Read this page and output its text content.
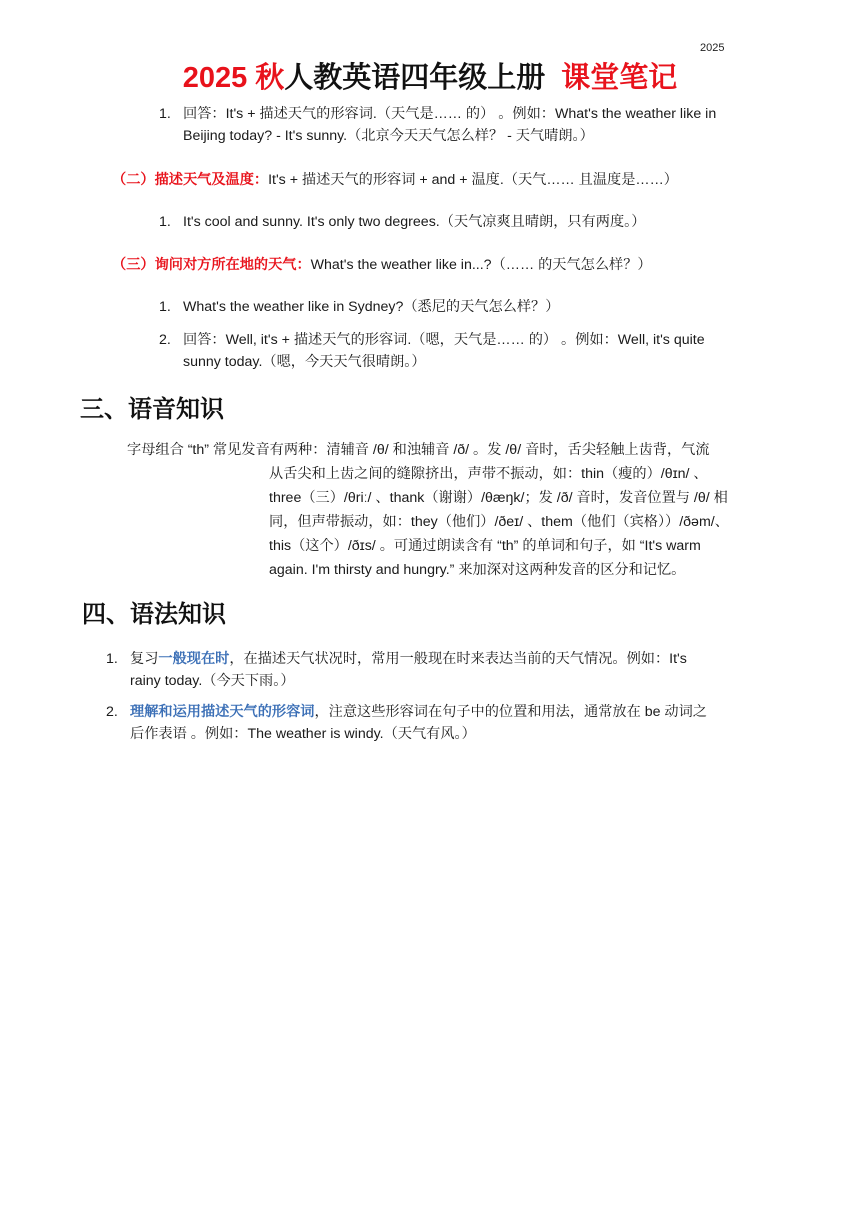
2025
2025 秋人教英语四年级上册 课堂笔记
1. 回答：It's + 描述天气的形容词.（天气是…… 的） 。例如：What's the weather like in
Beijing today? - It's sunny.（北京今天天气怎么样？ - 天气晴朗。）
（二）描述天气及温度：It's + 描述天气的形容词 + and + 温度.（天气…… 且温度是……）
1. It's cool and sunny. It's only two degrees.（天气凉爽且晴朗，只有两度。）
（三）询问对方所在地的天气：What's the weather like in...?（…… 的天气怎么样？）
1. What's the weather like in Sydney?（悉尼的天气怎么样？）
2. 回答：Well, it's + 描述天气的形容词.（嗯，天气是…… 的） 。例如：Well, it's quite
sunny today.（嗯，今天天气很晴朗。）
三、语音知识
字母组合 “th” 常见发音有两种：清辅音 /θ/ 和浊辅音 /ð/ 。发 /θ/ 音时，舌尖轻触上齿背，气流
从舌尖和上齿之间的缝隙挤出，声带不振动，如：thin（瘦的）/θɪn/ 、
three（三）/θriː/ 、thank（谢谢）/θæŋk/；发 /ð/ 音时，发音位置与 /θ/ 相
同，但声带振动，如：they（他们）/ðeɪ/ 、them（他们（宾格））/ðəm/、
this（这个）/ðɪs/ 。可通过朗读含有 “th” 的单词和句子，如 “It's warm
again. I'm thirsty and hungry.” 来加深对这两种发音的区分和记忆。
四、语法知识
1. 复习一般现在时，在描述天气状况时，常用一般现在时来表达当前的天气情况。例如：It's
rainy today.（今天下雨。）
2. 理解和运用描述天气的形容词，注意这些形容词在句子中的位置和用法，通常放在 be 动词之
后作表语 。例如：The weather is windy.（天气有风。）
